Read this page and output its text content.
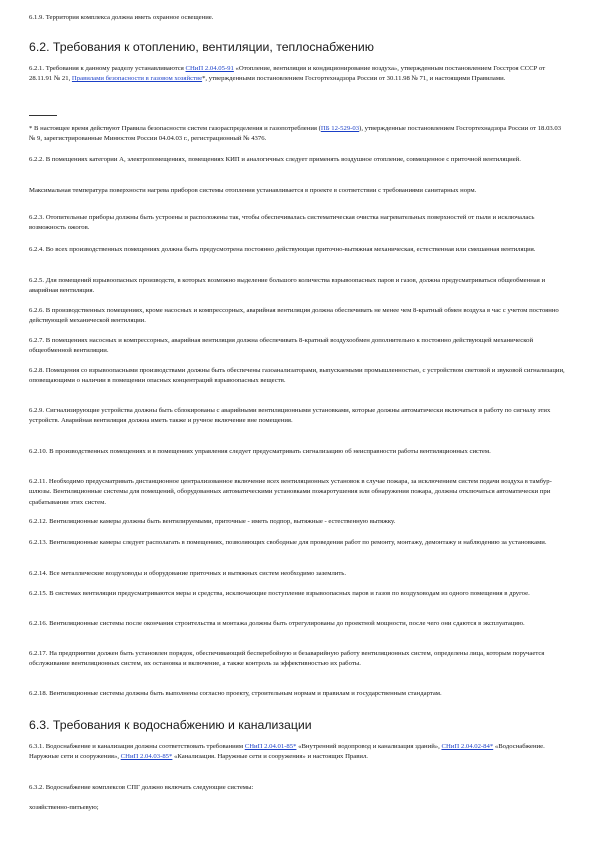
6.1.9. Территория комплекса должна иметь охранное освещение.

6.2. Требования к отоплению, вентиляции, теплоснабжению

6.2.1. Требования к данному разделу устанавливаются СНиП 2.04.05-91 «Отопление, вентиляция и кондиционирование воздуха», утвержденным постановлением Госстроя СССР от 28.11.91 № 21, Правилами безопасности в газовом хозяйстве*, утвержденными постановлением Госгортехнадзора России от 30.11.98 № 71, и настоящими Правилами.

* В настоящее время действуют Правила безопасности систем газораспределения и газопотребления (ПБ 12-529-03), утвержденные постановлением Госгортехнадзора России от 18.03.03 № 9, зарегистрированные Минюстом России 04.04.03 г., регистрационный № 4376.

6.2.2. В помещениях категории А, электропомещениях, помещениях КИП и аналогичных следует применять воздушное отопление, совмещенное с приточной вентиляцией.

Максимальная температура поверхности нагрева приборов системы отопления устанавливается в проекте в соответствии с требованиями санитарных норм.

6.2.3. Отопительные приборы должны быть устроены и расположены так, чтобы обеспечивалась систематическая очистка нагревательных поверхностей от пыли и исключалась возможность ожогов.

6.2.4. Во всех производственных помещениях должна быть предусмотрена постоянно действующая приточно-вытяжная механическая, естественная или смешанная вентиляция.

6.2.5. Для помещений взрывоопасных производств, в которых возможно выделение большого количества взрывоопасных паров и газов, должна предусматриваться общеобменная и аварийная вентиляция.

6.2.6. В производственных помещениях, кроме насосных и компрессорных, аварийная вентиляция должна обеспечивать не менее чем 8-кратный обмен воздуха в час с учетом постоянно действующей механической вентиляции.

6.2.7. В помещениях насосных и компрессорных, аварийная вентиляция должна обеспечивать 8-кратный воздухообмен дополнительно к постоянно действующей механической общеобменной вентиляции.

6.2.8. Помещения со взрывоопасными производствами должны быть обеспечены газоанализаторами, выпускаемыми промышленностью, с устройством световой и звуковой сигнализации, оповещающими о наличии в помещении опасных концентраций взрывоопасных веществ.

6.2.9. Сигнализирующие устройства должны быть сблокированы с аварийными вентиляционными установками, которые должны автоматически включаться в работу по сигналу этих устройств. Аварийная вентиляция должна иметь также и ручное включение вне помещения.

6.2.10. В производственных помещениях и в помещениях управления следует предусматривать сигнализацию об неисправности работы вентиляционных систем.

6.2.11. Необходимо предусматривать дистанционное централизованное включение всех вентиляционных установок в случае пожара, за исключением систем подачи воздуха в тамбур-шлюзы. Вентиляционные системы для помещений, оборудованных автоматическими установками пожаротушения или обнаружения пожара, должны отключаться автоматически при срабатывании этих систем.

6.2.12. Вентиляционные камеры должны быть вентилируемыми, приточные - иметь подпор, вытяжные - естественную вытяжку.

6.2.13. Вентиляционные камеры следует располагать в помещениях, позволяющих свободные для проведения работ по ремонту, монтажу, демонтажу и наблюдению за установками.

6.2.14. Все металлические воздуховоды и оборудование приточных и вытяжных систем необходимо заземлить.

6.2.15. В системах вентиляции предусматриваются меры и средства, исключающие поступление взрывоопасных паров и газов по воздуховодам из одного помещения в другое.

6.2.16. Вентиляционные системы после окончания строительства и монтажа должны быть отрегулированы до проектной мощности, после чего они сдаются в эксплуатацию.

6.2.17. На предприятии должен быть установлен порядок, обеспечивающий бесперебойную и безаварийную работу вентиляционных систем, определены лица, которым поручается обслуживание вентиляционных систем, их остановка и включение, а также контроль за эффективностью их работы.

6.2.18. Вентиляционные системы должны быть выполнены согласно проекту, строительным нормам и правилам и государственным стандартам.

6.3. Требования к водоснабжению и канализации

6.3.1. Водоснабжение и канализация должны соответствовать требованиям СНиП 2.04.01-85* «Внутренний водопровод и канализация зданий», СНиП 2.04.02-84* «Водоснабжение. Наружные сети и сооружения», СНиП 2.04.03-85* «Канализация. Наружные сети и сооружения» и настоящих Правил.

6.3.2. Водоснабжение комплексов СПГ должно включать следующие системы:

хозяйственно-питьевую;
